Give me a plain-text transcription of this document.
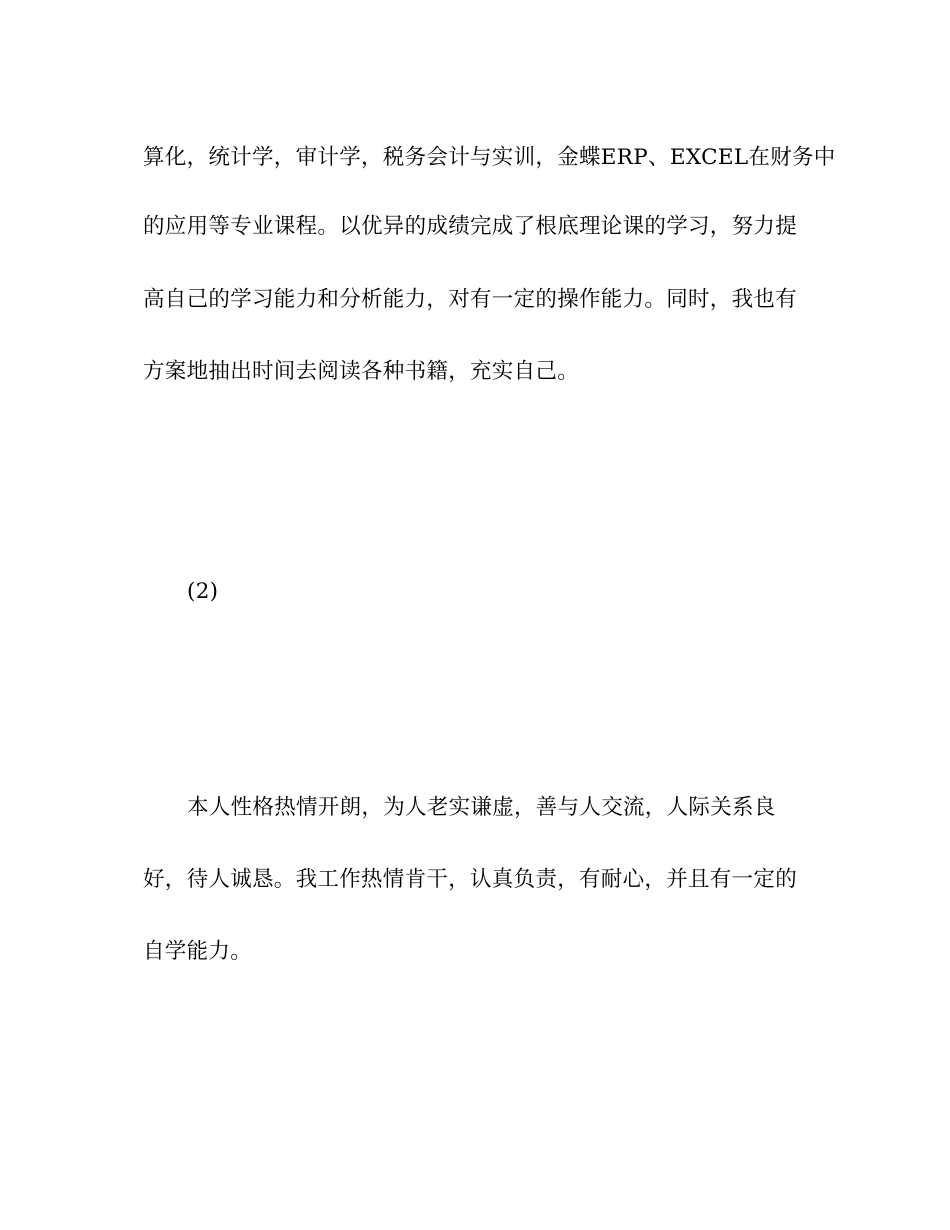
算化，统计学，审计学，税务会计与实训，金蝶ERP、EXCEL在财务中
的应用等专业课程。以优异的成绩完成了根底理论课的学习，努力提
高自己的学习能力和分析能力，对有一定的操作能力。同时，我也有
方案地抽出时间去阅读各种书籍，充实自己。
(2)
本人性格热情开朗，为人老实谦虚，善与人交流，人际关系良
好，待人诚恳。我工作热情肯干，认真负责，有耐心，并且有一定的
自学能力。
